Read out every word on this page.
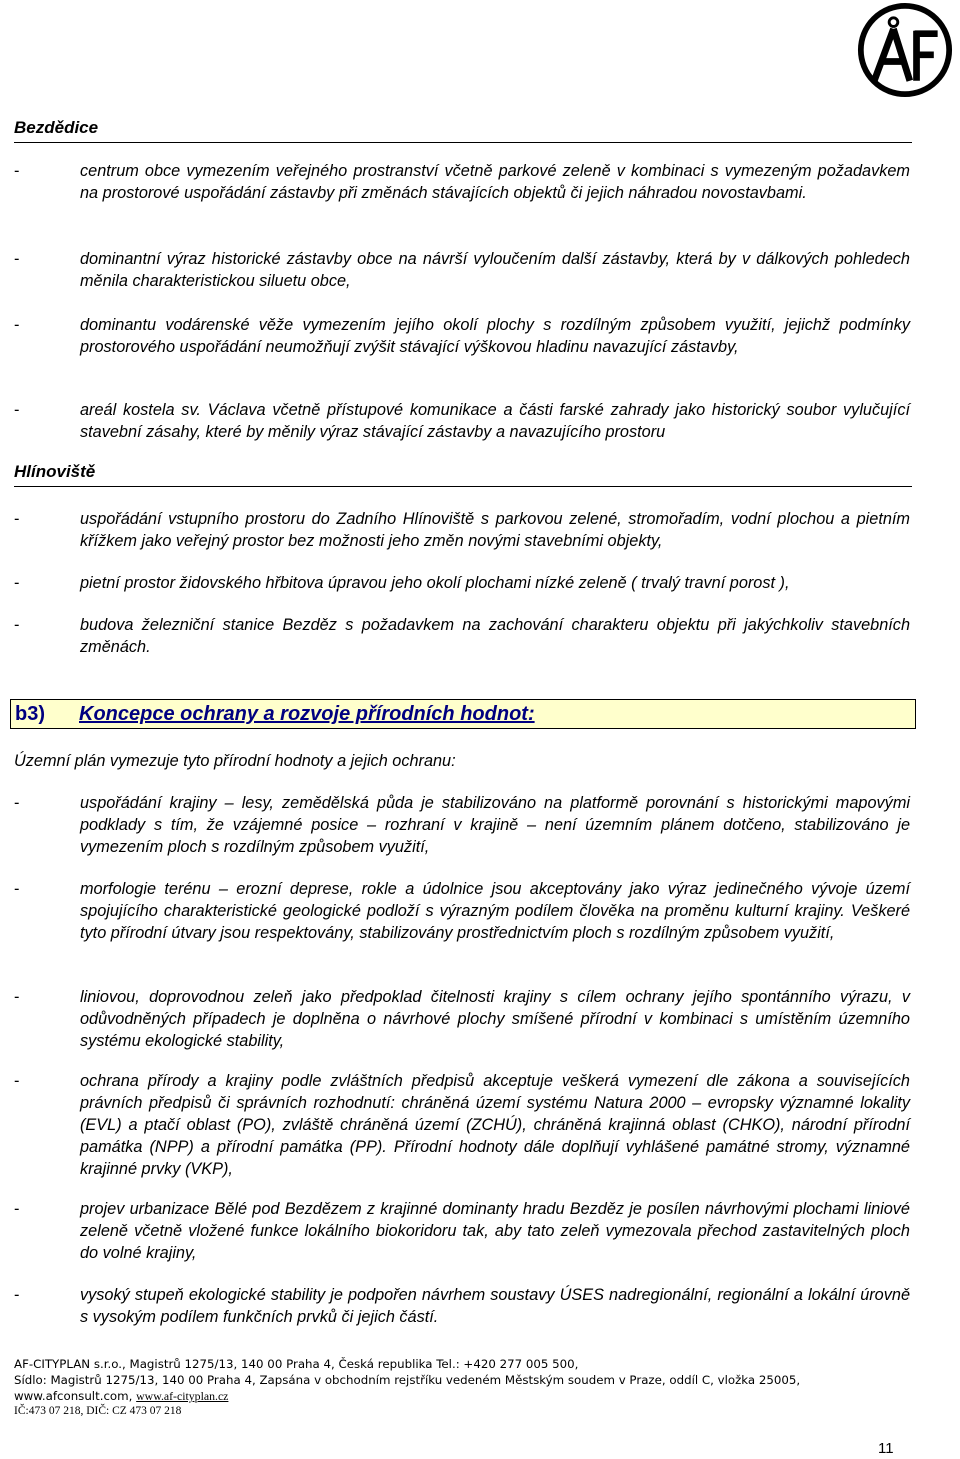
Bezdědice
-	centrum obce vymezením veřejného prostranství včetně parkové zeleně v kombinaci s vymezeným požadavkem na prostorové uspořádání zástavby při změnách stávajících objektů či jejich náhradou novostavbami.
-	dominantní výraz historické zástavby obce na návrší vyloučením další zástavby, která by v dálkových pohledech měnila charakteristickou siluetu obce,
-	dominantu vodárenské věže vymezením jejího okolí plochy s rozdílným způsobem využití, jejichž podmínky prostorového uspořádání neumožňují zvýšit stávající výškovou hladinu navazující zástavby,
-	areál kostela sv. Václava včetně přístupové komunikace a části farské zahrady jako historický soubor vylučující stavební zásahy, které by měnily výraz stávající zástavby a navazujícího prostoru
Hlínoviště
-	uspořádání vstupního prostoru do Zadního Hlínoviště s parkovou zelené, stromořadím, vodní plochou a pietním křížkem jako veřejný prostor bez možnosti jeho změn novými stavebními objekty,
-	pietní prostor židovského hřbitova úpravou jeho okolí plochami nízké zeleně ( trvalý travní porost ),
-	budova železniční stanice Bezděz s požadavkem na zachování charakteru objektu při jakýchkoliv stavebních změnách.
b3) Koncepce ochrany a rozvoje přírodních hodnot:
Územní plán vymezuje tyto přírodní hodnoty a jejich ochranu:
-	uspořádání krajiny – lesy, zemědělská půda je stabilizováno na platformě porovnání s historickými mapovými podklady s tím, že vzájemné posice – rozhraní v krajině – není územním plánem dotčeno, stabilizováno je vymezením ploch s rozdílným způsobem využití,
-	morfologie terénu – erozní deprese, rokle a údolnice jsou akceptovány jako výraz jedinečného vývoje území spojujícího charakteristické geologické podloží s výrazným podílem člověka na proměnu kulturní krajiny. Veškeré tyto přírodní útvary jsou respektovány, stabilizovány prostřednictvím ploch s rozdílným způsobem využití,
-	liniovou, doprovodnou zeleň jako předpoklad čitelnosti krajiny s cílem ochrany jejího spontánního výrazu, v odůvodněných případech je doplněna o návrhové plochy smíšené přírodní v kombinaci s umístěním územního systému ekologické stability,
-	ochrana přírody a krajiny podle zvláštních předpisů akceptuje veškerá vymezení dle zákona a souvisejících právních předpisů či správních rozhodnutí: chráněná území systému Natura 2000 – evropsky významné lokality (EVL) a ptačí oblast (PO), zvláště chráněná území (ZCHÚ), chráněná krajinná oblast (CHKO), národní přírodní památka (NPP) a přírodní památka (PP). Přírodní hodnoty dále doplňují vyhlášené památné stromy, významné krajinné prvky (VKP),
-	projev urbanizace Bělé pod Bezdězem z krajinné dominanty hradu Bezděz je posílen návrhovými plochami liniové zeleně včetně vložené funkce lokálního biokoridoru tak, aby tato zeleň vymezovala přechod zastavitelných ploch do volné krajiny,
-	vysoký stupeň ekologické stability je podpořen návrhem soustavy ÚSES nadregionální, regionální a lokální úrovně s vysokým podílem funkčních prvků či jejich částí.
AF-CITYPLAN s.r.o., Magistrů 1275/13, 140 00 Praha 4, Česká republika Tel.: +420 277 005 500,
Sídlo: Magistrů 1275/13, 140 00 Praha 4, Zapsána v obchodním rejstříku vedeném Městským soudem v Praze, oddíl C, vložka 25005,
www.afconsult.com, www.af-cityplan.cz
IČ:473 07 218, DIČ: CZ 473 07 218
11
